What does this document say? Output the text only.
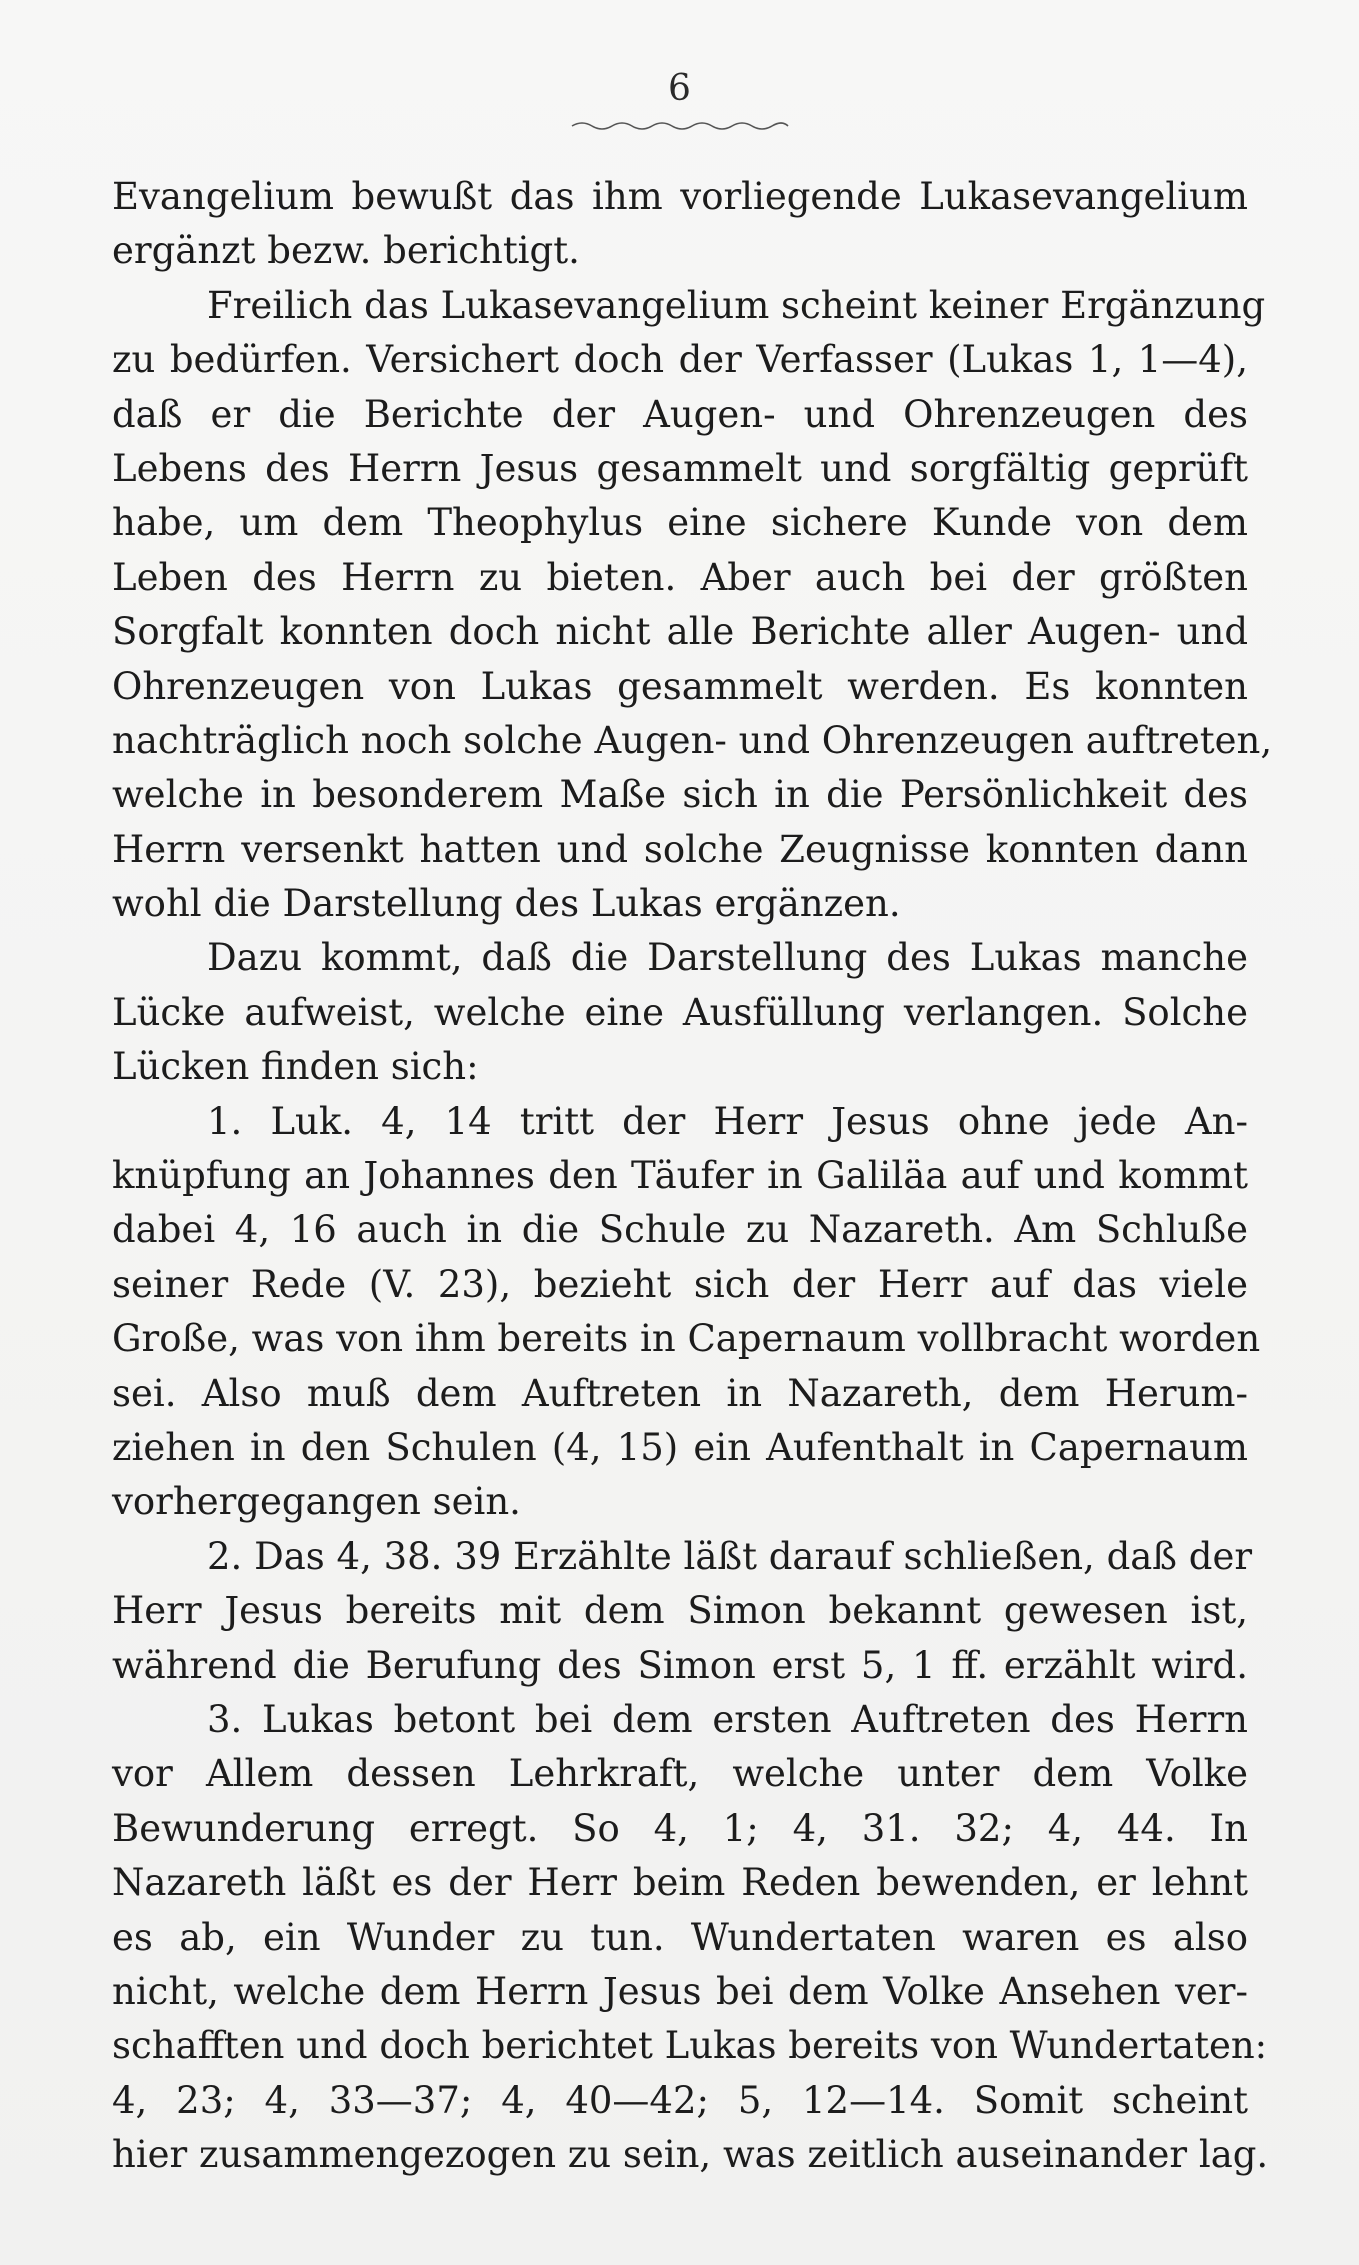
6
Evangelium bewußt das ihm vorliegende Lukasevangelium
ergänzt bezw. berichtigt.
Freilich das Lukasevangelium scheint keiner Ergänzung
zu bedürfen. Versichert doch der Verfasser (Lukas 1, 1—4),
daß er die Berichte der Augen- und Ohrenzeugen des
Lebens des Herrn Jesus gesammelt und sorgfältig geprüft
habe, um dem Theophylus eine sichere Kunde von dem
Leben des Herrn zu bieten. Aber auch bei der größten
Sorgfalt konnten doch nicht alle Berichte aller Augen- und
Ohrenzeugen von Lukas gesammelt werden. Es konnten
nachträglich noch solche Augen- und Ohrenzeugen auftreten,
welche in besonderem Maße sich in die Persönlichkeit des
Herrn versenkt hatten und solche Zeugnisse konnten dann
wohl die Darstellung des Lukas ergänzen.
Dazu kommt, daß die Darstellung des Lukas manche
Lücke aufweist, welche eine Ausfüllung verlangen. Solche
Lücken finden sich:
1. Luk. 4, 14 tritt der Herr Jesus ohne jede An-
knüpfung an Johannes den Täufer in Galiläa auf und kommt
dabei 4, 16 auch in die Schule zu Nazareth. Am Schluße
seiner Rede (V. 23), bezieht sich der Herr auf das viele
Große, was von ihm bereits in Capernaum vollbracht worden
sei. Also muß dem Auftreten in Nazareth, dem Herum-
ziehen in den Schulen (4, 15) ein Aufenthalt in Capernaum
vorhergegangen sein.
2. Das 4, 38. 39 Erzählte läßt darauf schließen, daß der
Herr Jesus bereits mit dem Simon bekannt gewesen ist,
während die Berufung des Simon erst 5, 1 ff. erzählt wird.
3. Lukas betont bei dem ersten Auftreten des Herrn
vor Allem dessen Lehrkraft, welche unter dem Volke
Bewunderung erregt. So 4, 1; 4, 31. 32; 4, 44. In
Nazareth läßt es der Herr beim Reden bewenden, er lehnt
es ab, ein Wunder zu tun. Wundertaten waren es also
nicht, welche dem Herrn Jesus bei dem Volke Ansehen ver-
schafften und doch berichtet Lukas bereits von Wundertaten:
4, 23; 4, 33—37; 4, 40—42; 5, 12—14. Somit scheint
hier zusammengezogen zu sein, was zeitlich auseinander lag.
